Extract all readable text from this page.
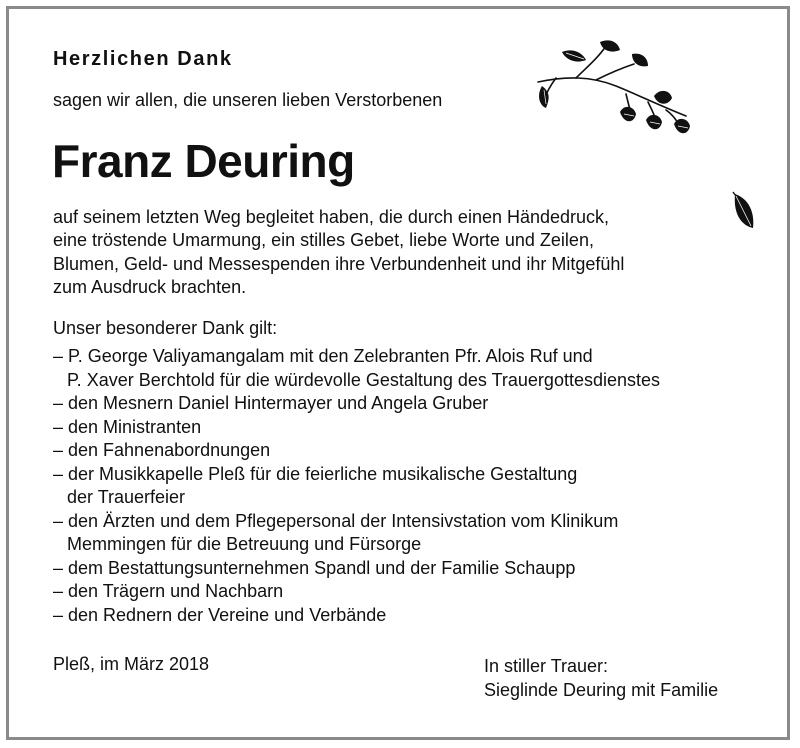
Herzlichen Dank

sagen wir allen, die unseren lieben Verstorbenen

Franz Deuring

auf seinem letzten Weg begleitet haben, die durch einen Händedruck,
eine tröstende Umarmung, ein stilles Gebet, liebe Worte und Zeilen,
Blumen, Geld- und Messespenden ihre Verbundenheit und ihr Mitgefühl
zum Ausdruck brachten.

Unser besonderer Dank gilt:

– P. George Valiyamangalam mit den Zelebranten Pfr. Alois Ruf und
P. Xaver Berchtold für die würdevolle Gestaltung des Trauergottesdienstes
– den Mesnern Daniel Hintermayer und Angela Gruber
– den Ministranten
– den Fahnenabordnungen
– der Musikkapelle Pleß für die feierliche musikalische Gestaltung
der Trauerfeier
– den Ärzten und dem Pflegepersonal der Intensivstation vom Klinikum
Memmingen für die Betreuung und Fürsorge
– dem Bestattungsunternehmen Spandl und der Familie Schaupp
– den Trägern und Nachbarn
– den Rednern der Vereine und Verbände

Pleß, im März 2018	In stiller Trauer:
Sieglinde Deuring mit Familie
